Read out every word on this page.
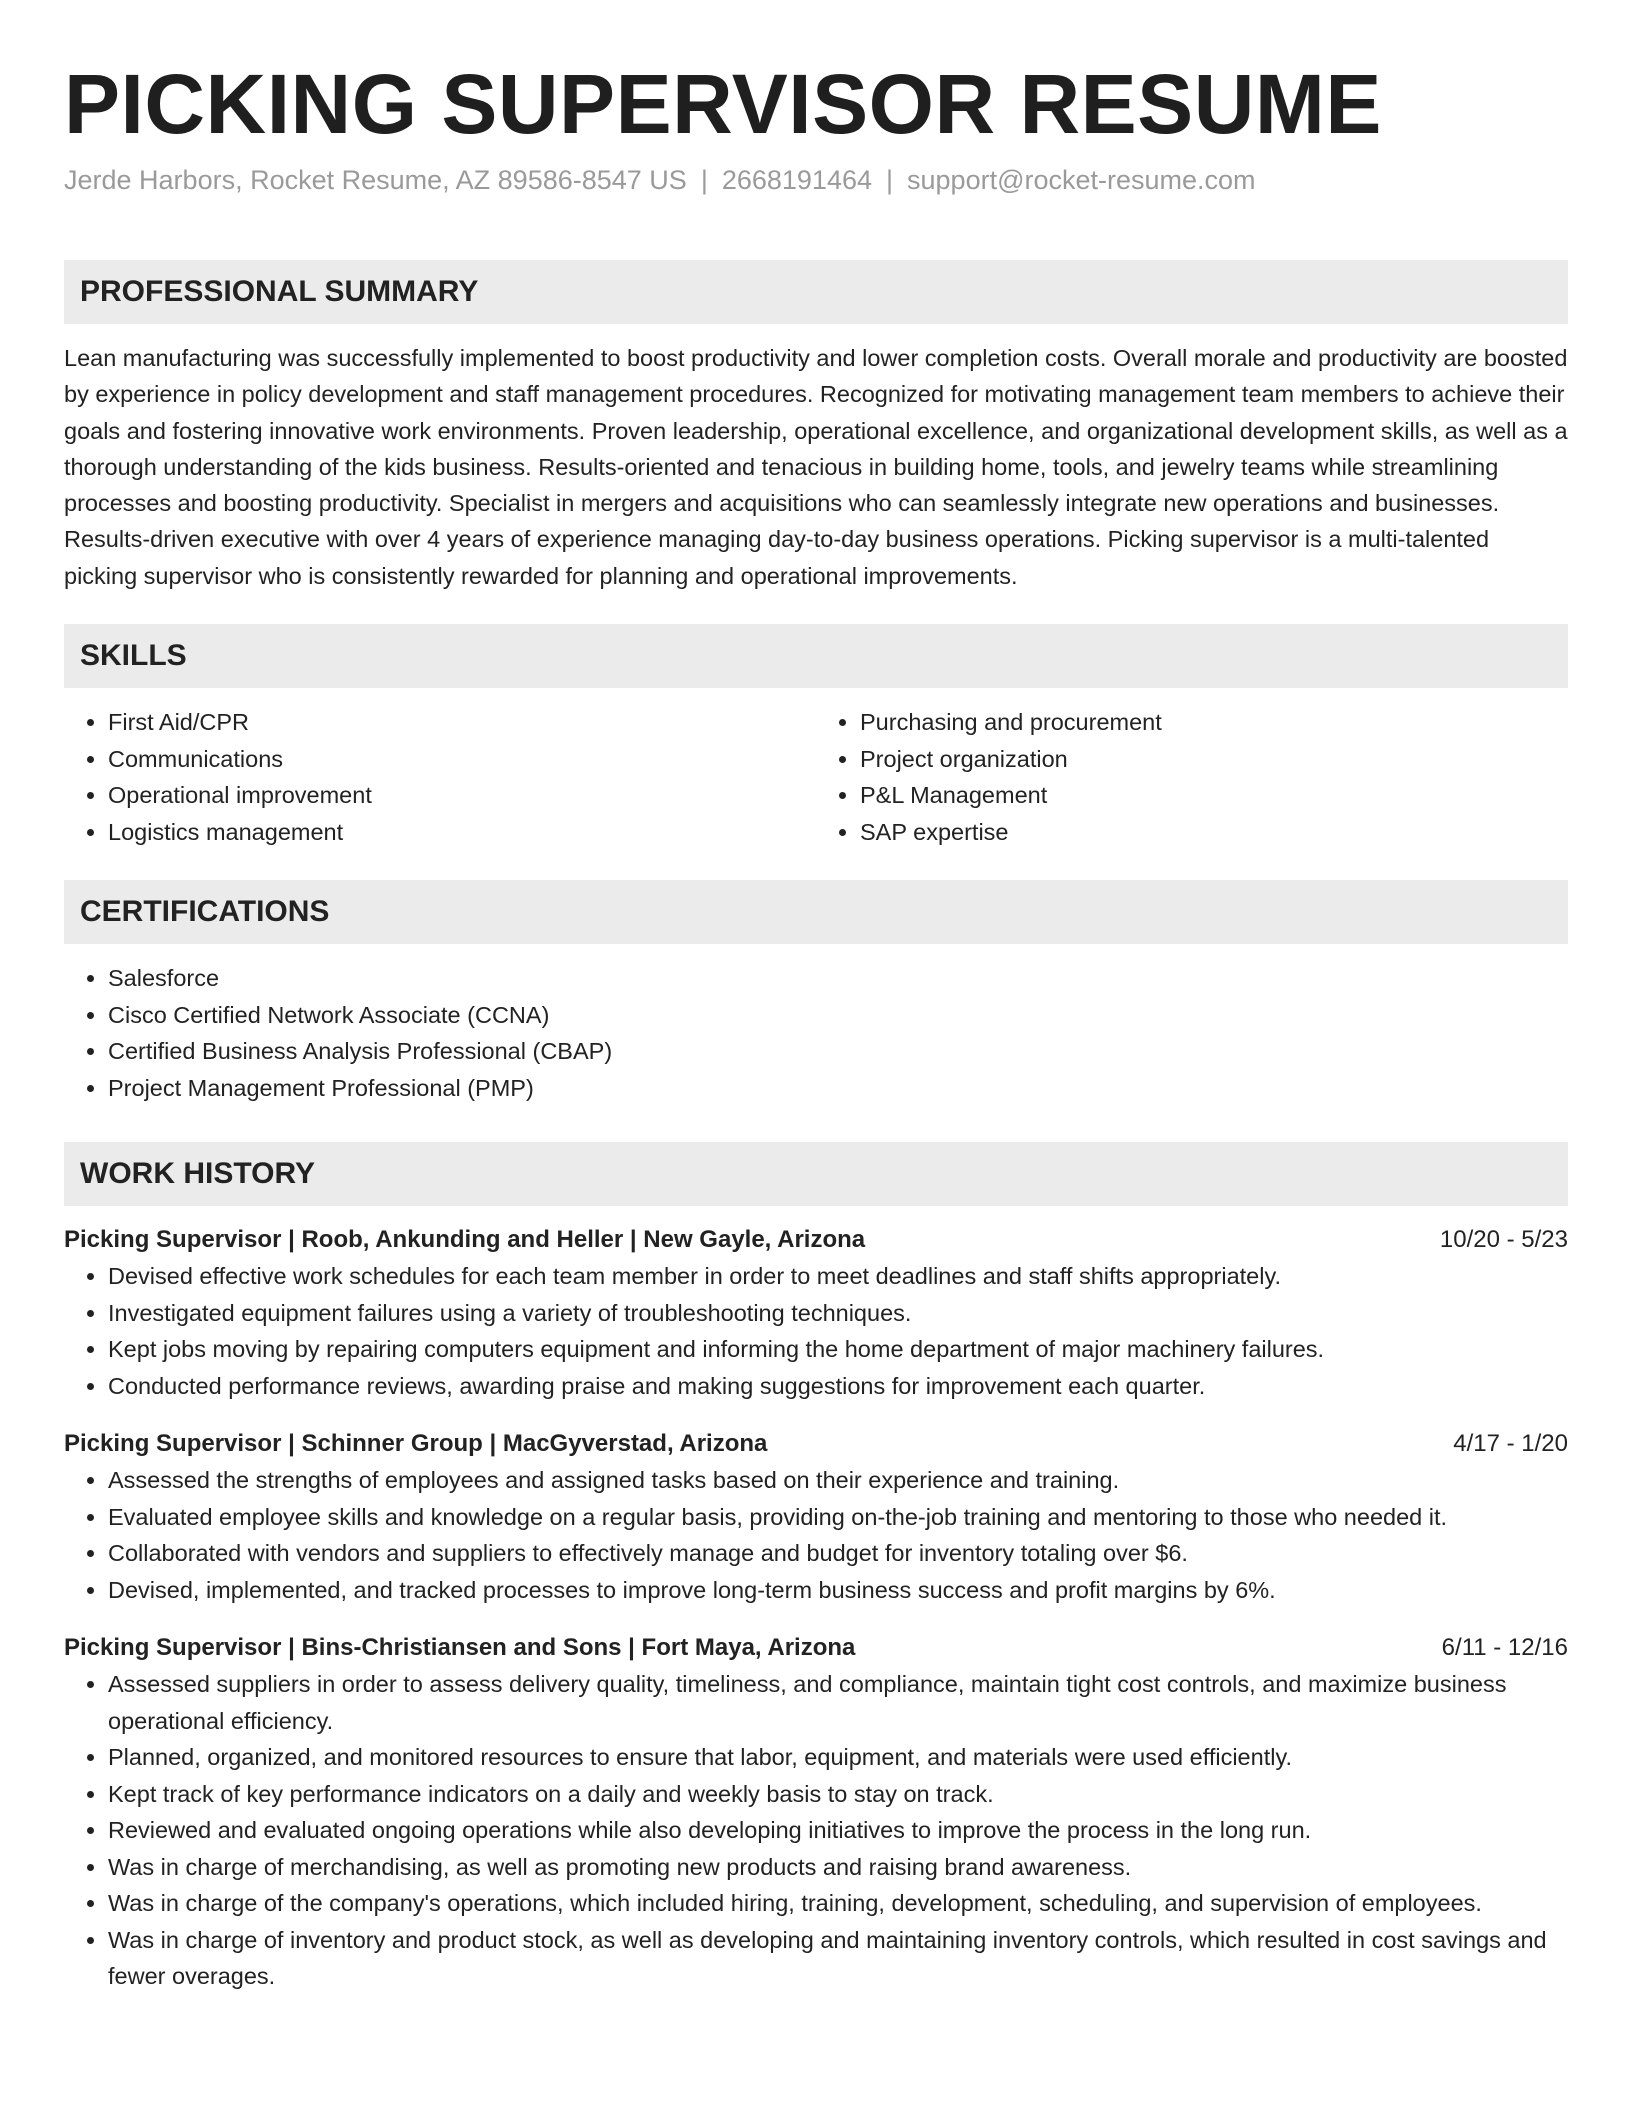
PICKING SUPERVISOR RESUME
Jerde Harbors, Rocket Resume, AZ 89586-8547 US | 2668191464 | support@rocket-resume.com
PROFESSIONAL SUMMARY

Lean manufacturing was successfully implemented to boost productivity and lower completion costs. Overall morale and productivity are boosted by experience in policy development and staff management procedures. Recognized for motivating management team members to achieve their goals and fostering innovative work environments. Proven leadership, operational excellence, and organizational development skills, as well as a thorough understanding of the kids business. Results-oriented and tenacious in building home, tools, and jewelry teams while streamlining processes and boosting productivity. Specialist in mergers and acquisitions who can seamlessly integrate new operations and businesses. Results-driven executive with over 4 years of experience managing day-to-day business operations. Picking supervisor is a multi-talented picking supervisor who is consistently rewarded for planning and operational improvements.

SKILLS
• First Aid/CPR
• Communications
• Operational improvement
• Logistics management
• Purchasing and procurement
• Project organization
• P&L Management
• SAP expertise
CERTIFICATIONS
• Salesforce
• Cisco Certified Network Associate (CCNA)
• Certified Business Analysis Professional (CBAP)
• Project Management Professional (PMP)
WORK HISTORY
Picking Supervisor | Roob, Ankunding and Heller | New Gayle, Arizona	10/20 - 5/23
• Devised effective work schedules for each team member in order to meet deadlines and staff shifts appropriately.
• Investigated equipment failures using a variety of troubleshooting techniques.
• Kept jobs moving by repairing computers equipment and informing the home department of major machinery failures.
• Conducted performance reviews, awarding praise and making suggestions for improvement each quarter.
Picking Supervisor | Schinner Group | MacGyverstad, Arizona	4/17 - 1/20
• Assessed the strengths of employees and assigned tasks based on their experience and training.
• Evaluated employee skills and knowledge on a regular basis, providing on-the-job training and mentoring to those who needed it.
• Collaborated with vendors and suppliers to effectively manage and budget for inventory totaling over $6.
• Devised, implemented, and tracked processes to improve long-term business success and profit margins by 6%.
Picking Supervisor | Bins-Christiansen and Sons | Fort Maya, Arizona	6/11 - 12/16
• Assessed suppliers in order to assess delivery quality, timeliness, and compliance, maintain tight cost controls, and maximize business operational efficiency.
• Planned, organized, and monitored resources to ensure that labor, equipment, and materials were used efficiently.
• Kept track of key performance indicators on a daily and weekly basis to stay on track.
• Reviewed and evaluated ongoing operations while also developing initiatives to improve the process in the long run.
• Was in charge of merchandising, as well as promoting new products and raising brand awareness.
• Was in charge of the company's operations, which included hiring, training, development, scheduling, and supervision of employees.
• Was in charge of inventory and product stock, as well as developing and maintaining inventory controls, which resulted in cost savings and fewer overages.
